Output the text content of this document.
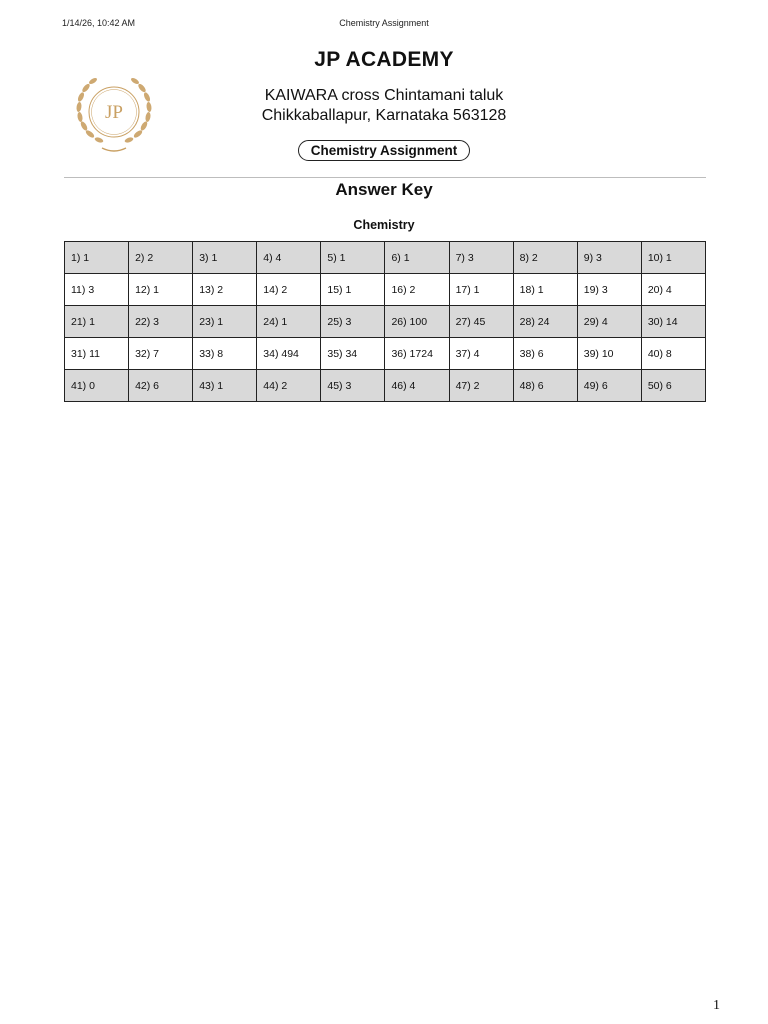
1/14/26, 10:42 AM	Chemistry Assignment
JP
JP ACADEMY
KAIWARA cross Chintamani taluk
Chikkaballapur, Karnataka 563128
Chemistry Assignment
Answer Key
Chemistry
1) 1	2) 2	3) 1	4) 4	5) 1	6) 1	7) 3	8) 2	9) 3	10) 1
11) 3	12) 1	13) 2	14) 2	15) 1	16) 2	17) 1	18) 1	19) 3	20) 4
21) 1	22) 3	23) 1	24) 1	25) 3	26) 100	27) 45	28) 24	29) 4	30) 14
31) 11	32) 7	33) 8	34) 494	35) 34	36) 1724	37) 4	38) 6	39) 10	40) 8
41) 0	42) 6	43) 1	44) 2	45) 3	46) 4	47) 2	48) 6	49) 6	50) 6
1
